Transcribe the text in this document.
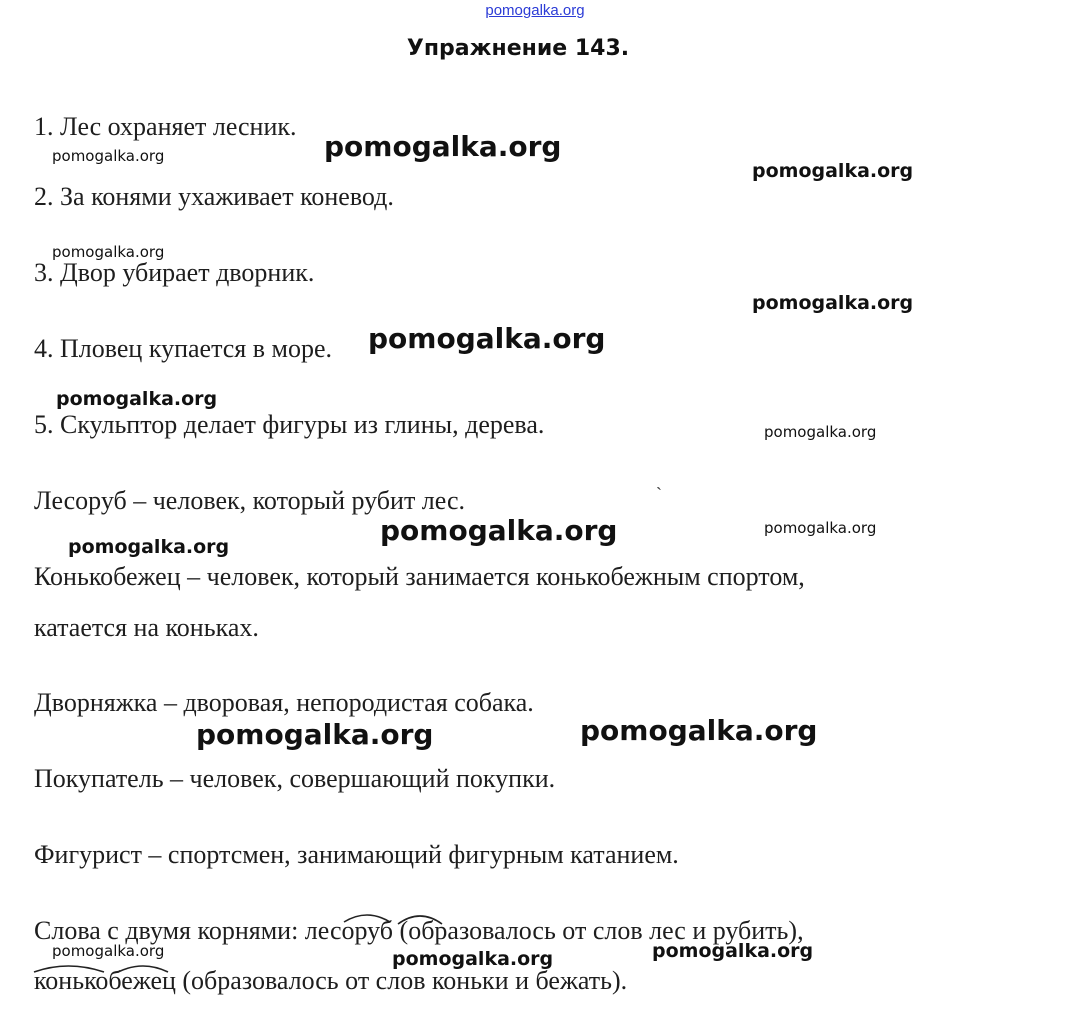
pomogalka.org
Упражнение 143.
1. Лес охраняет лесник.
2. За конями ухаживает коневод.
3. Двор убирает дворник.
4. Пловец купается в море.
5. Скульптор делает фигуры из глины, дерева.
Лесоруб – человек, который рубит лес.
Конькобежец – человек, который занимается конькобежным спортом,
катается на коньках.
Дворняжка – дворовая, непородистая собака.
Покупатель – человек, совершающий покупки.
Фигурист – спортсмен, занимающий фигурным катанием.
Слова с двумя корнями: лесоруб (образовалось от слов лес и рубить),
конькобежец (образовалось от слов коньки и бежать).
`
pomogalka.org	pomogalka.org
pomogalka.org
pomogalka.org
pomogalka.org
pomogalka.org
pomogalka.org
pomogalka.org
pomogalka.org
pomogalka.org
pomogalka.org
pomogalka.org	pomogalka.org
pomogalka.org	pomogalka.org	pomogalka.org
